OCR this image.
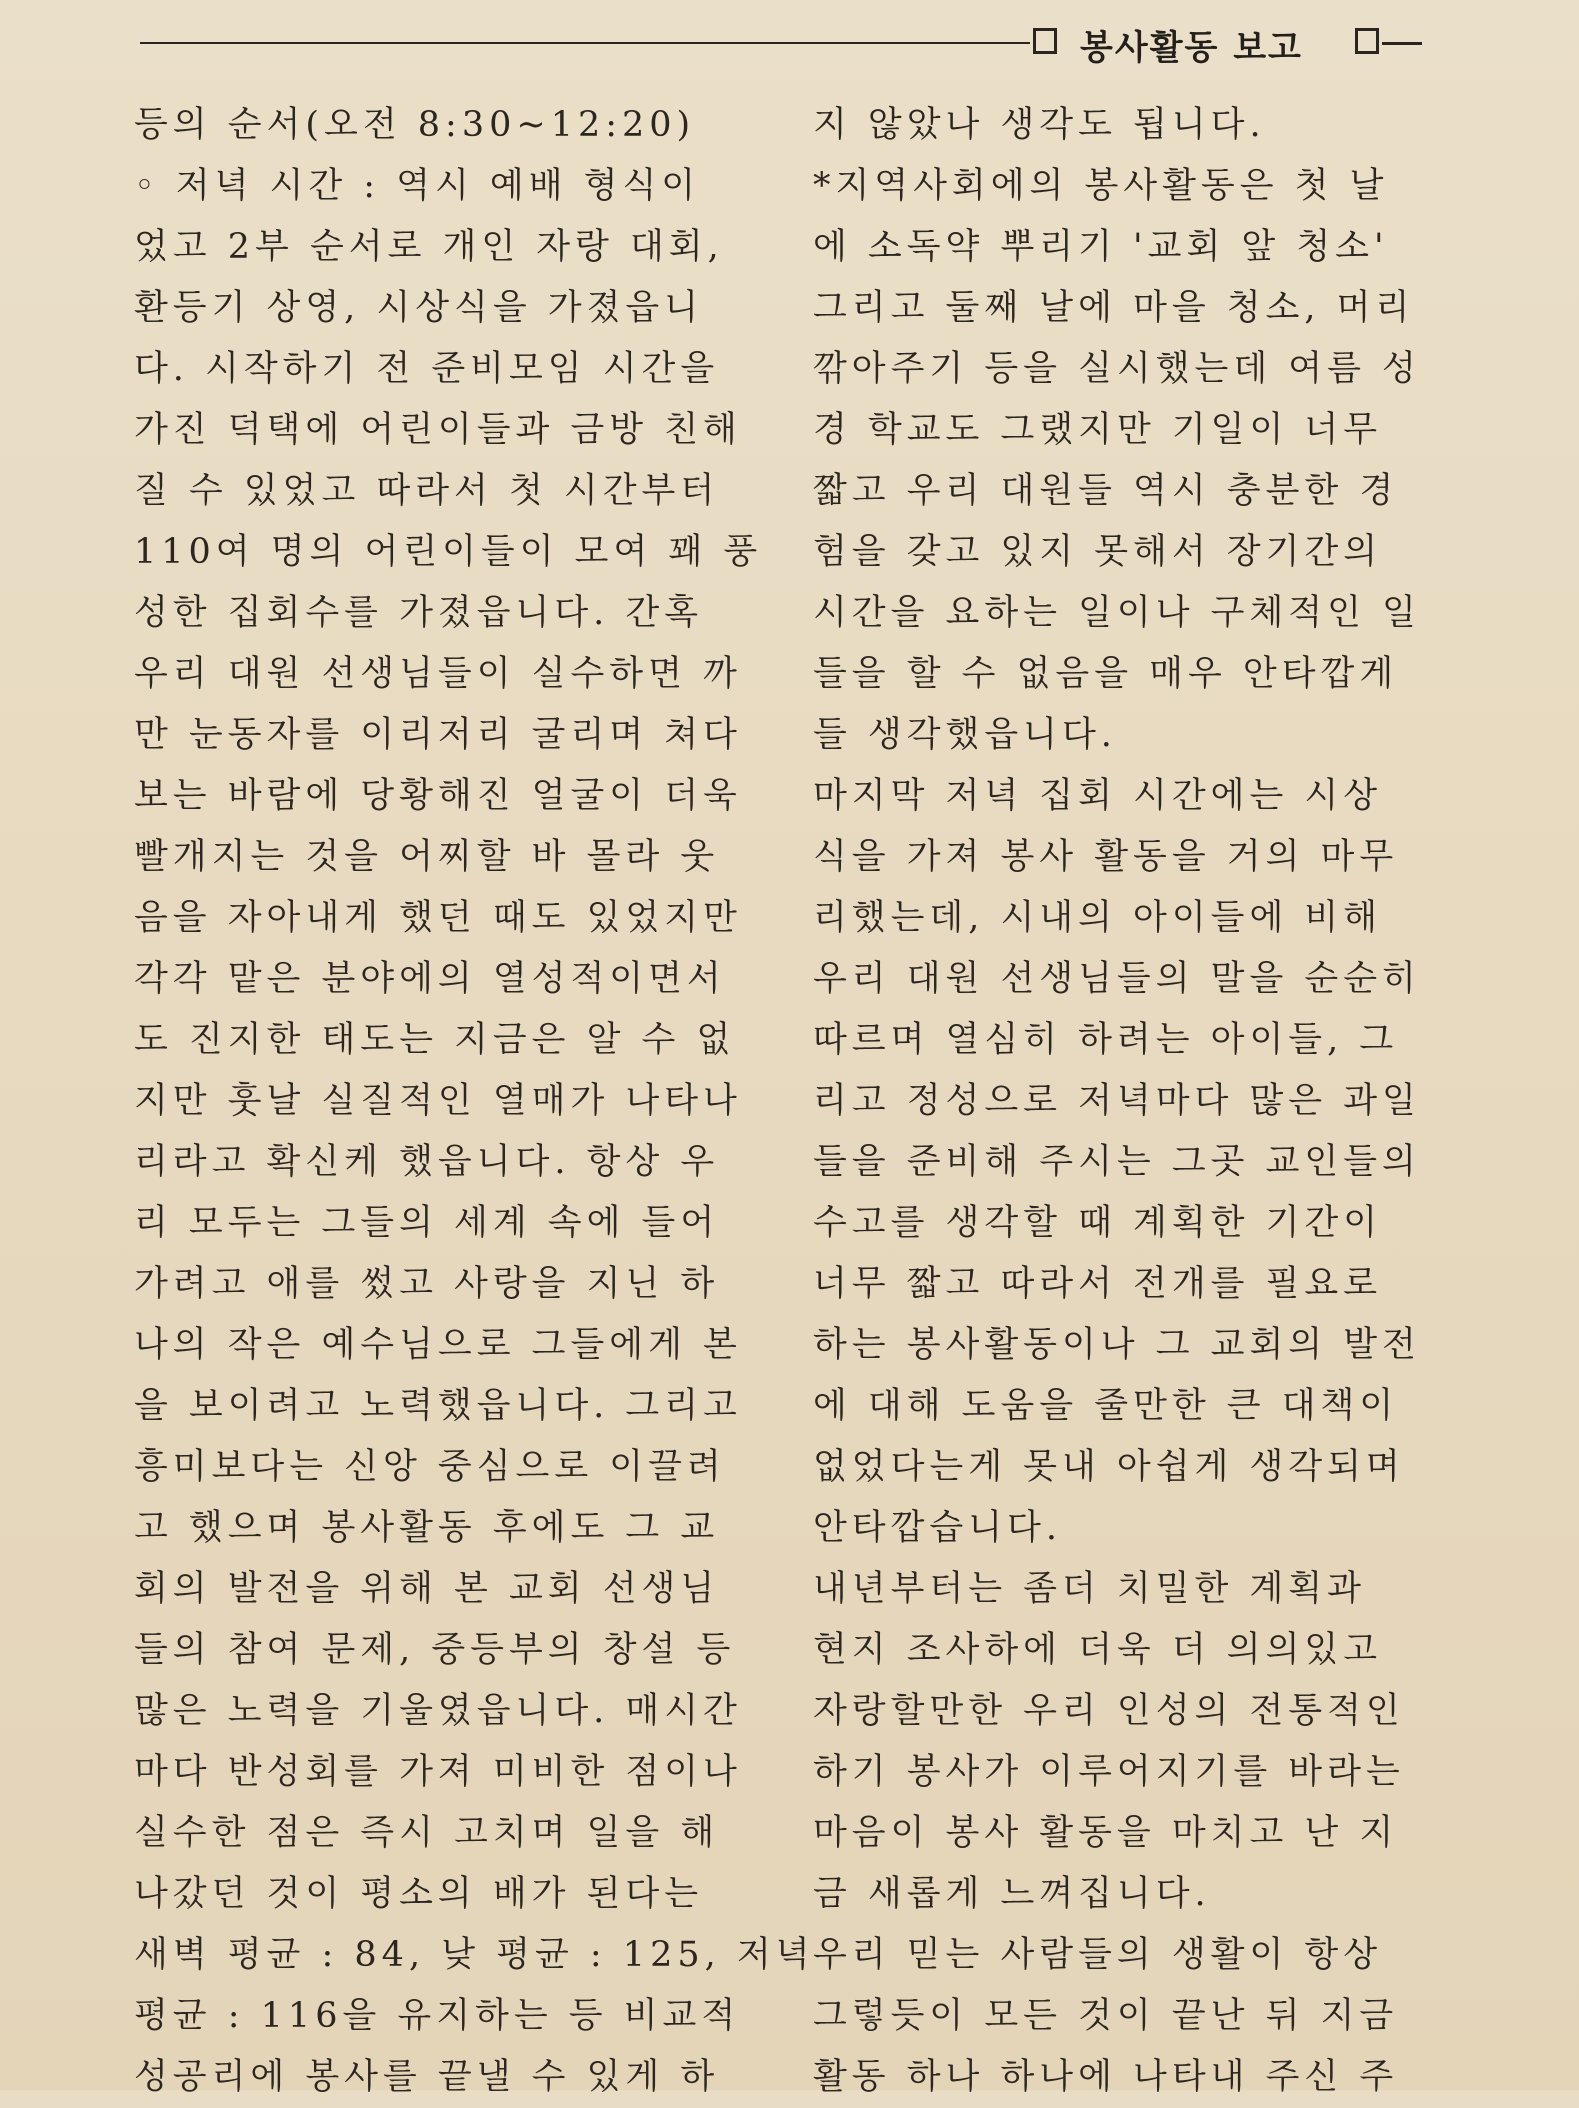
봉사활동 보고
등의 순서(오전 8:30~12:20)
◦ 저녁 시간 : 역시 예배 형식이
었고 2부 순서로 개인 자랑 대회,
환등기 상영, 시상식을 가졌읍니
다. 시작하기 전 준비모임 시간을
가진 덕택에 어린이들과 금방 친해
질 수 있었고 따라서 첫 시간부터
110여 명의 어린이들이 모여 꽤 풍
성한 집회수를 가졌읍니다. 간혹
우리 대원 선생님들이 실수하면 까
만 눈동자를 이리저리 굴리며 쳐다
보는 바람에 당황해진 얼굴이 더욱
빨개지는 것을 어찌할 바 몰라 웃
음을 자아내게 했던 때도 있었지만
각각 맡은 분야에의 열성적이면서
도 진지한 태도는 지금은 알 수 없
지만 훗날 실질적인 열매가 나타나
리라고 확신케 했읍니다. 항상 우
리 모두는 그들의 세계 속에 들어
가려고 애를 썼고 사랑을 지닌 하
나의 작은 예수님으로 그들에게 본
을 보이려고 노력했읍니다. 그리고
흥미보다는 신앙 중심으로 이끌려
고 했으며 봉사활동 후에도 그 교
회의 발전을 위해 본 교회 선생님
들의 참여 문제, 중등부의 창설 등
많은 노력을 기울였읍니다. 매시간
마다 반성회를 가져 미비한 점이나
실수한 점은 즉시 고치며 일을 해
나갔던 것이 평소의 배가 된다는
새벽 평균 : 84, 낮 평균 : 125, 저녁
평균 : 116을 유지하는 등 비교적
성공리에 봉사를 끝낼 수 있게 하
지 않았나 생각도 됩니다.
*지역사회에의 봉사활동은 첫 날
에 소독약 뿌리기 '교회 앞 청소'
그리고 둘째 날에 마을 청소, 머리
깎아주기 등을 실시했는데 여름 성
경 학교도 그랬지만 기일이 너무
짧고 우리 대원들 역시 충분한 경
험을 갖고 있지 못해서 장기간의
시간을 요하는 일이나 구체적인 일
들을 할 수 없음을 매우 안타깝게
들 생각했읍니다.
마지막 저녁 집회 시간에는 시상
식을 가져 봉사 활동을 거의 마무
리했는데, 시내의 아이들에 비해
우리 대원 선생님들의 말을 순순히
따르며 열심히 하려는 아이들, 그
리고 정성으로 저녁마다 많은 과일
들을 준비해 주시는 그곳 교인들의
수고를 생각할 때 계획한 기간이
너무 짧고 따라서 전개를 필요로
하는 봉사활동이나 그 교회의 발전
에 대해 도움을 줄만한 큰 대책이
없었다는게 못내 아쉽게 생각되며
안타깝습니다.
내년부터는 좀더 치밀한 계획과
현지 조사하에 더욱 더 의의있고
자랑할만한 우리 인성의 전통적인
하기 봉사가 이루어지기를 바라는
마음이 봉사 활동을 마치고 난 지
금 새롭게 느껴집니다.
우리 믿는 사람들의 생활이 항상
그렇듯이 모든 것이 끝난 뒤 지금
활동 하나 하나에 나타내 주신 주
